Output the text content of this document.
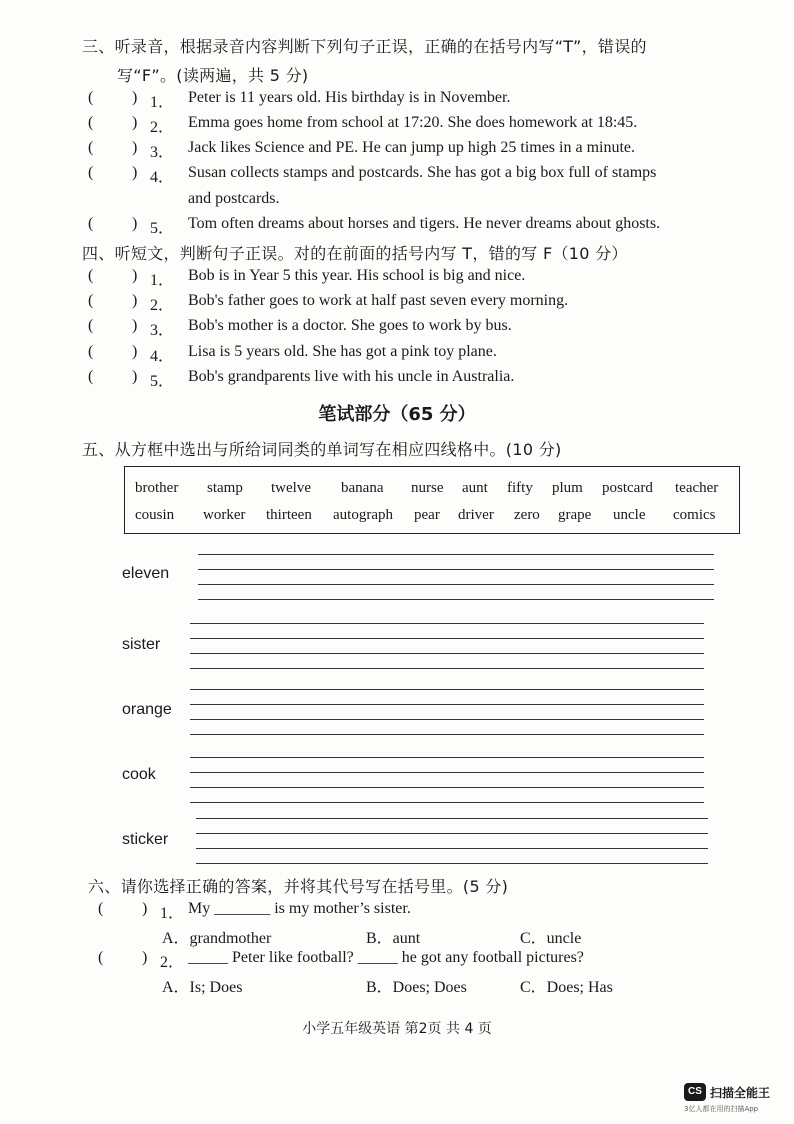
三、听录音，根据录音内容判断下列句子正误，正确的在括号内写“T”，错误的
写“F”。(读两遍，共 5 分)
( ) 1． Peter is 11 years old. His birthday is in November.
( ) 2． Emma goes home from school at 17:20. She does homework at 18:45.
( ) 3． Jack likes Science and PE. He can jump up high 25 times in a minute.
( ) 4． Susan collects stamps and postcards. She has got a big box full of stamps
and postcards.
( ) 5． Tom often dreams about horses and tigers. He never dreams about ghosts.
四、听短文，判断句子正误。对的在前面的括号内写 T，错的写 F（10 分）
( ) 1． Bob is in Year 5 this year. His school is big and nice.
( ) 2． Bob's father goes to work at half past seven every morning.
( ) 3． Bob's mother is a doctor. She goes to work by bus.
( ) 4． Lisa is 5 years old. She has got a pink toy plane.
( ) 5． Bob's grandparents live with his uncle in Australia.
笔试部分（65 分）
五、从方框中选出与所给词同类的单词写在相应四线格中。(10 分)
brother stamp twelve banana nurse aunt fifty plum postcard teacher
cousin worker thirteen autograph pear driver zero grape uncle comics
eleven
sister
orange
cook
sticker
六、请你选择正确的答案，并将其代号写在括号里。(5 分)
( ) 1． My _______ is my mother’s sister.
A．grandmother	B．aunt	C．uncle
( ) 2． _____ Peter like football? _____ he got any football pictures?
A．Is; Does	B．Does; Does	C．Does; Has
小学五年级英语 第2页 共 4 页
CS 扫描全能王
3亿人都在用的扫描App
